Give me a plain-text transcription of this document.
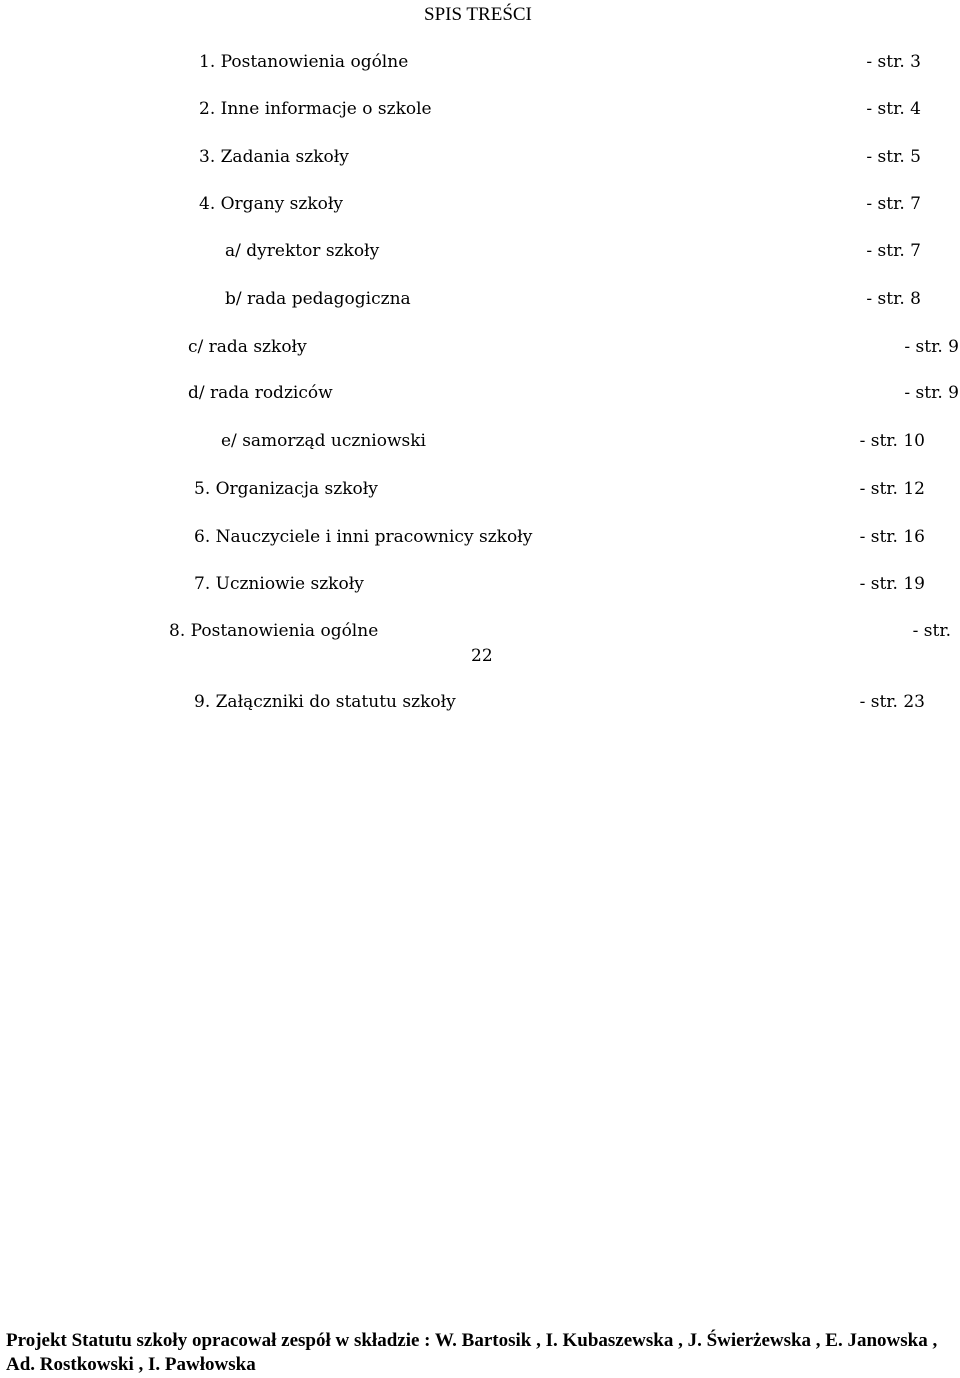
SPIS TREŚCI
1. Postanowienia ogólne	- str. 3
2. Inne informacje o szkole	- str. 4
3. Zadania szkoły	- str. 5
4. Organy szkoły	- str. 7
a/ dyrektor szkoły	- str. 7
b/ rada pedagogiczna	- str. 8
c/ rada szkoły	- str. 9
d/ rada rodziców	- str. 9
e/ samorząd uczniowski	- str. 10
5. Organizacja szkoły	- str. 12
6. Nauczyciele i inni pracownicy szkoły	- str. 16
7. Uczniowie szkoły	- str. 19
8. Postanowienia ogólne	- str.
22
9. Załączniki do statutu szkoły	- str. 23
Projekt Statutu szkoły opracował zespół w składzie : W. Bartosik , I. Kubaszewska , J. Świerżewska , E. Janowska , Ad. Rostkowski , I. Pawłowska
